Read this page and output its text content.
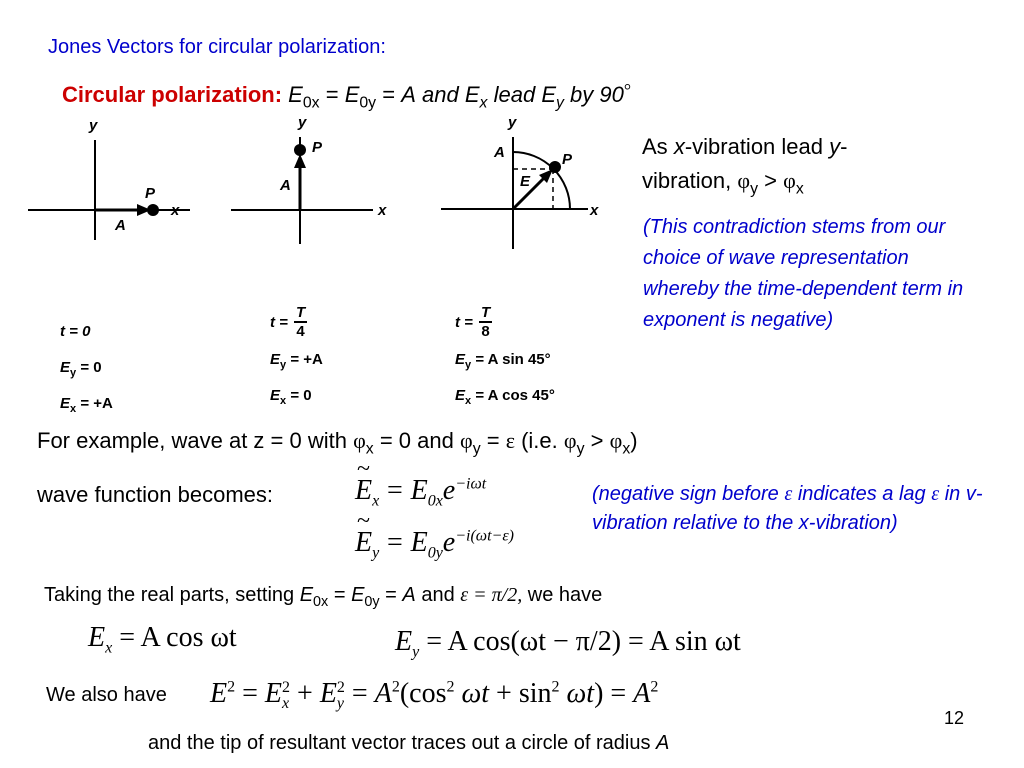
Jones Vectors for circular polarization:
Circular polarization: $E_{0x} = E_{0y} = A$ and $E_x$ lead $E_y$ by 90°
y
x
P
A
t = 0
$E_y = 0$
$E_x = +A$
y
x
P
A
$t = \frac{T}{4}$
$E_y = +A$
$E_x = 0$
y
x
P
A
E
$t = \frac{T}{8}$
$E_y = A$ sin 45°
$E_x = A$ cos 45°
As x-vibration lead y-
vibration, $\varphi_y > \varphi_x$
(This contradiction stems from our choice of wave representation whereby the time-dependent term in exponent is negative)
For example, wave at z = 0 with $\varphi_x = 0$ and $\varphi_y = \varepsilon$ (i.e. $\varphi_y > \varphi_x$)
wave function becomes:	E
~
$_x = E_{0x}e^{-i\omega t}$
E
~
$_y = E_{0y}e^{-i(\omega t-\varepsilon)}$
(negative sign before ε indicates a lag ε in v-vibration relative to the x-vibration)
Taking the real parts, setting $E_{0x} = E_{0y} = A$ and ε = π/2, we have
$E_x = A$ cos ωt	$E_y = A$ cos(ωt − π/2) = A sin ωt
We also have $E^2 = E$ 2
x + E 2
$y = A^2(\cos^2$ $\omega t + \sin^2 \omega t) = A^2$
12
and the tip of resultant vector traces out a circle of radius A
